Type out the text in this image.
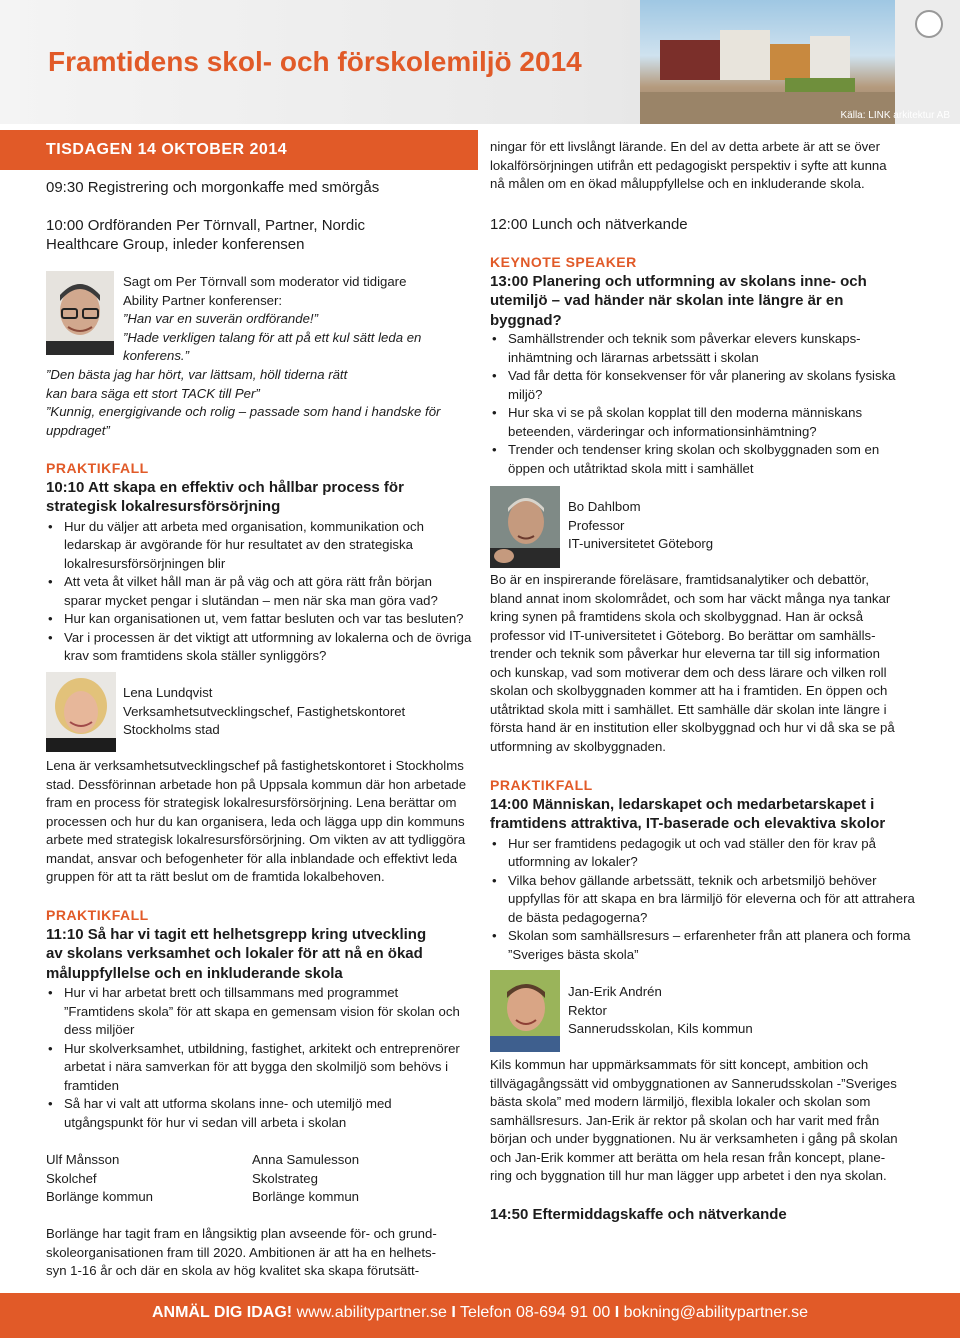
Framtidens skol- och förskolemiljö 2014
Källa: LINK arkitektur AB
TISDAGEN 14 OKTOBER 2014
09:30 Registrering och morgonkaffe med smörgås
10:00 Ordföranden Per Törnvall, Partner, Nordic
Healthcare Group, inleder konferensen
Sagt om Per Törnvall som moderator vid tidigare
Ability Partner konferenser:
”Han var en suverän ordförande!”
”Hade verkligen talang för att på ett kul sätt leda en
konferens.”
”Den bästa jag har hört, var lättsam, höll tiderna rätt
kan bara säga ett stort TACK till Per”
”Kunnig, energigivande och rolig – passade som hand i handske för
uppdraget”
PRAKTIKFALL
10:10 Att skapa en effektiv och hållbar process för
strategisk lokalresursförsörjning
• Hur du väljer att arbeta med organisation, kommunikation och ledarskap är avgörande för hur resultatet av den strategiska lokalresursförsörjningen blir
• Att veta åt vilket håll man är på väg och att göra rätt från början sparar mycket pengar i slutändan – men när ska man göra vad?
• Hur kan organisationen ut, vem fattar besluten och var tas besluten?
• Var i processen är det viktigt att utformning av lokalerna och de övriga krav som framtidens skola ställer synliggörs?
Lena Lundqvist
Verksamhetsutvecklingschef, Fastighetskontoret
Stockholms stad
Lena är verksamhetsutvecklingschef på fastighetskontoret i Stockholms
stad. Dessförinnan arbetade hon på Uppsala kommun där hon arbetade
fram en process för strategisk lokalresursförsörjning. Lena berättar om
processen och hur du kan organisera, leda och lägga upp din kommuns
arbete med strategisk lokalresursförsörjning. Om vikten av att tydliggöra
mandat, ansvar och befogenheter för alla inblandade och effektivt leda
gruppen för att ta rätt beslut om de framtida lokalbehoven.
PRAKTIKFALL
11:10 Så har vi tagit ett helhetsgrepp kring utveckling
av skolans verksamhet och lokaler för att nå en ökad
måluppfyllelse och en inkluderande skola
• Hur vi har arbetat brett och tillsammans med programmet ”Framtidens skola” för att skapa en gemensam vision för skolan och dess miljöer
• Hur skolverksamhet, utbildning, fastighet, arkitekt och entreprenörer arbetat i nära samverkan för att bygga den skolmiljö som behövs i framtiden
• Så har vi valt att utforma skolans inne- och utemiljö med utgångspunkt för hur vi sedan vill arbeta i skolan
Ulf Månsson
Skolchef
Borlänge kommun
Anna Samulesson
Skolstrateg
Borlänge kommun
Borlänge har tagit fram en långsiktig plan avseende för- och grund-
skoleorganisationen fram till 2020. Ambitionen är att ha en helhets-
syn 1-16 år och där en skola av hög kvalitet ska skapa förutsätt-
ningar för ett livslångt lärande. En del av detta arbete är att se över
lokalförsörjningen utifrån ett pedagogiskt perspektiv i syfte att kunna
nå målen om en ökad måluppfyllelse och en inkluderande skola.
12:00 Lunch och nätverkande
KEYNOTE SPEAKER
13:00 Planering och utformning av skolans inne- och
utemiljö – vad händer när skolan inte längre är en
byggnad?
• Samhällstrender och teknik som påverkar elevers kunskaps-inhämtning och lärarnas arbetssätt i skolan
• Vad får detta för konsekvenser för vår planering av skolans fysiska miljö?
• Hur ska vi se på skolan kopplat till den moderna människans beteenden, värderingar och informationsinhämtning?
• Trender och tendenser kring skolan och skolbyggnaden som en öppen och utåtriktad skola mitt i samhället
Bo Dahlbom
Professor
IT-universitetet Göteborg
Bo är en inspirerande föreläsare, framtidsanalytiker och debattör,
bland annat inom skolområdet, och som har väckt många nya tankar
kring synen på framtidens skola och skolbyggnad. Han är också
professor vid IT-universitetet i Göteborg. Bo berättar om samhälls-
trender och teknik som påverkar hur eleverna tar till sig information
och kunskap, vad som motiverar dem och dess lärare och vilken roll
skolan och skolbyggnaden kommer att ha i framtiden. En öppen och
utåtriktad skola mitt i samhället. Ett samhälle där skolan inte längre i
första hand är en institution eller skolbyggnad och hur vi då ska se på
utformning av skolbyggnaden.
PRAKTIKFALL
14:00 Människan, ledarskapet och medarbetarskapet i
framtidens attraktiva, IT-baserade och elevaktiva skolor
• Hur ser framtidens pedagogik ut och vad ställer den för krav på utformning av lokaler?
• Vilka behov gällande arbetssätt, teknik och arbetsmiljö behöver uppfyllas för att skapa en bra lärmiljö för eleverna och för att attrahera de bästa pedagogerna?
• Skolan som samhällsresurs – erfarenheter från att planera och forma ”Sveriges bästa skola”
Jan-Erik Andrén
Rektor
Sannerudsskolan, Kils kommun
Kils kommun har uppmärksammats för sitt koncept, ambition och
tillvägagångssätt vid ombyggnationen av Sannerudsskolan -”Sveriges
bästa skola” med modern lärmiljö, flexibla lokaler och skolan som
samhällsresurs. Jan-Erik är rektor på skolan och har varit med från
början och under byggnationen. Nu är verksamheten i gång på skolan
och Jan-Erik kommer att berätta om hela resan från koncept, plane-
ring och byggnation till hur man lägger upp arbetet i den nya skolan.
14:50 Eftermiddagskaffe och nätverkande
ANMÄL DIG IDAG! www.abilitypartner.se I Telefon 08-694 91 00 I bokning@abilitypartner.se
